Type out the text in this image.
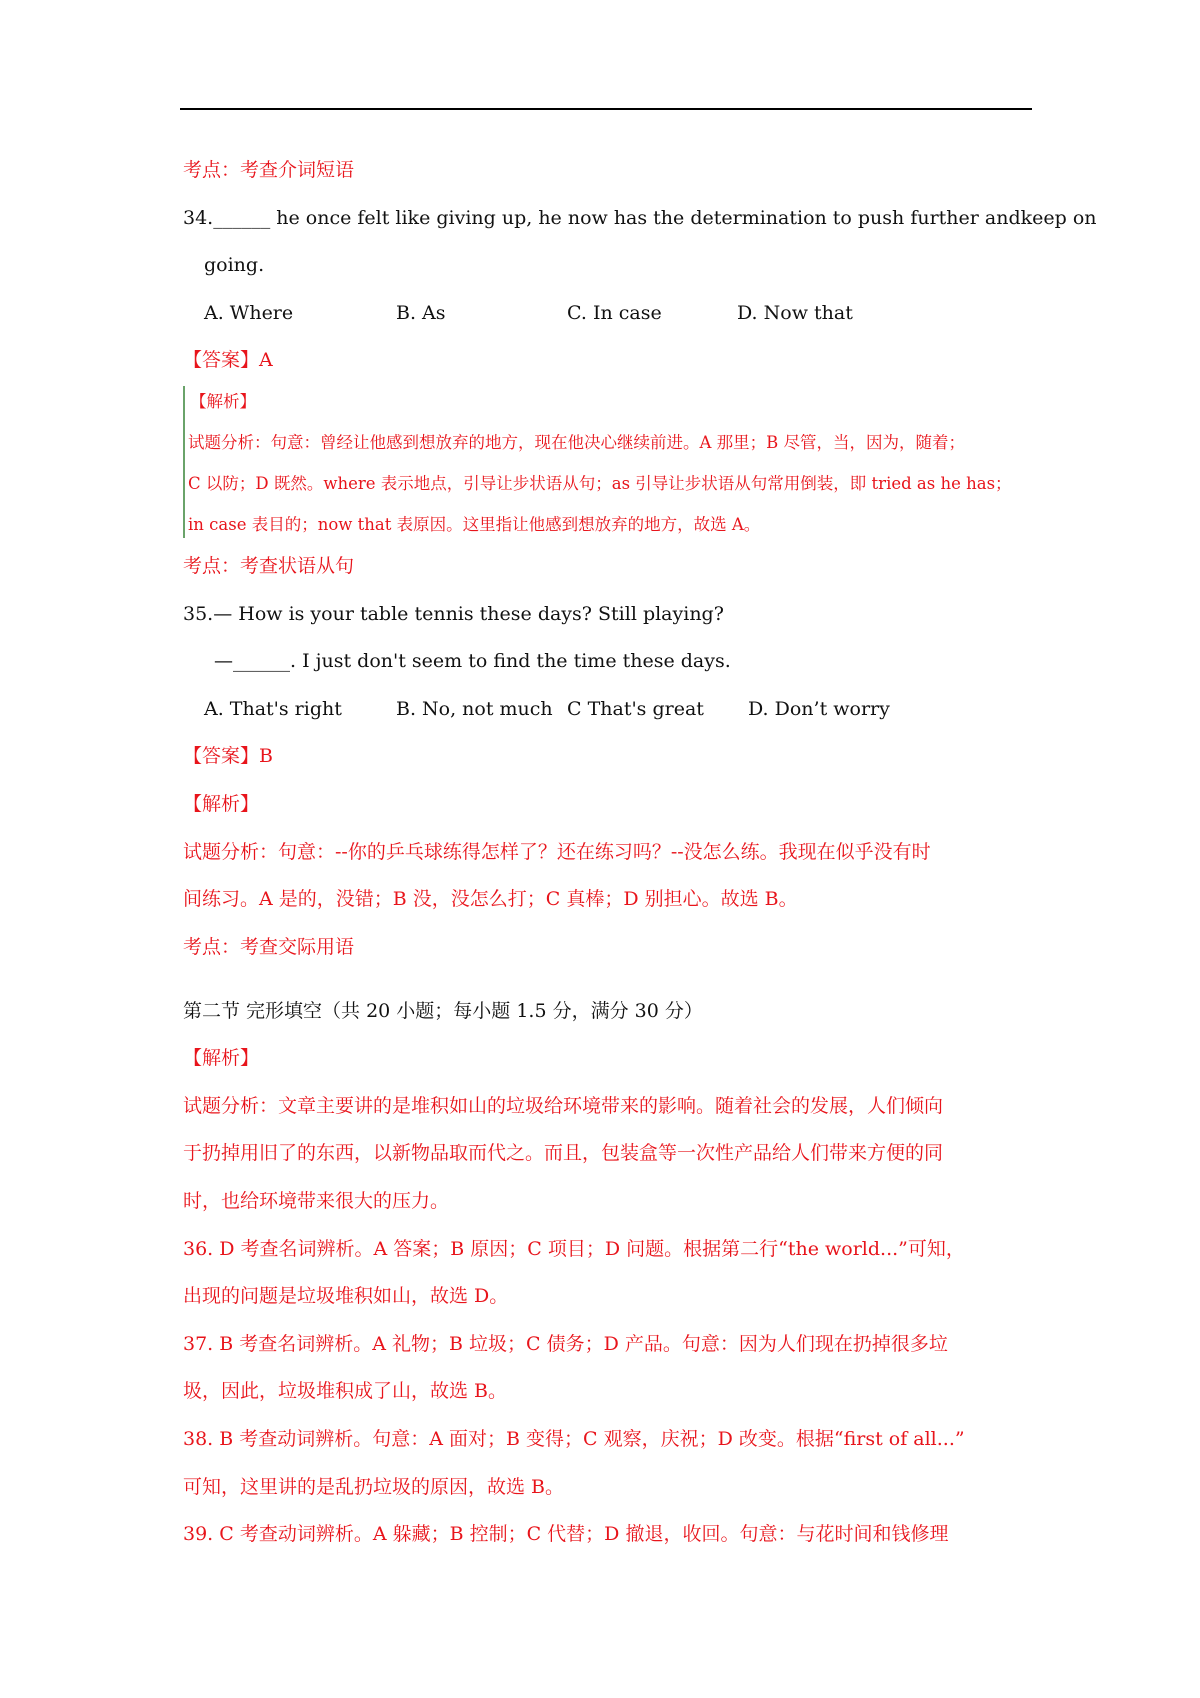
考点：考查介词短语
34.______ he once felt like giving up, he now has the determination to push further andkeep on
going.
A. Where	B. As	C. In case	D. Now that
【答案】A
【解析】
试题分析：句意：曾经让他感到想放弃的地方，现在他决心继续前进。A 那里；B 尽管，当，因为，随着；
C 以防；D 既然。where 表示地点，引导让步状语从句；as 引导让步状语从句常用倒装，即 tried as he has；
in case 表目的；now that 表原因。这里指让他感到想放弃的地方，故选 A。
考点：考查状语从句
35.— How is your table tennis these days? Still playing?
—______. I just don't seem to find the time these days.
A. That's right	B. No, not much C That's great D. Don’t worry
【答案】B
【解析】
试题分析：句意：--你的乒乓球练得怎样了？还在练习吗？--没怎么练。我现在似乎没有时
间练习。A 是的，没错；B 没，没怎么打；C 真棒；D 别担心。故选 B。
考点：考查交际用语
第二节 完形填空（共 20 小题；每小题 1.5 分，满分 30 分）
【解析】
试题分析：文章主要讲的是堆积如山的垃圾给环境带来的影响。随着社会的发展，人们倾向
于扔掉用旧了的东西，以新物品取而代之。而且，包装盒等一次性产品给人们带来方便的同
时，也给环境带来很大的压力。
36. D 考查名词辨析。A 答案；B 原因；C 项目；D 问题。根据第二行“the world...”可知，
出现的问题是垃圾堆积如山，故选 D。
37. B 考查名词辨析。A 礼物；B 垃圾；C 债务；D 产品。句意：因为人们现在扔掉很多垃
圾，因此，垃圾堆积成了山，故选 B。
38. B 考查动词辨析。句意：A 面对；B 变得；C 观察，庆祝；D 改变。根据“first of all...”
可知，这里讲的是乱扔垃圾的原因，故选 B。
39. C 考查动词辨析。A 躲藏；B 控制；C 代替；D 撤退，收回。句意：与花时间和钱修理
